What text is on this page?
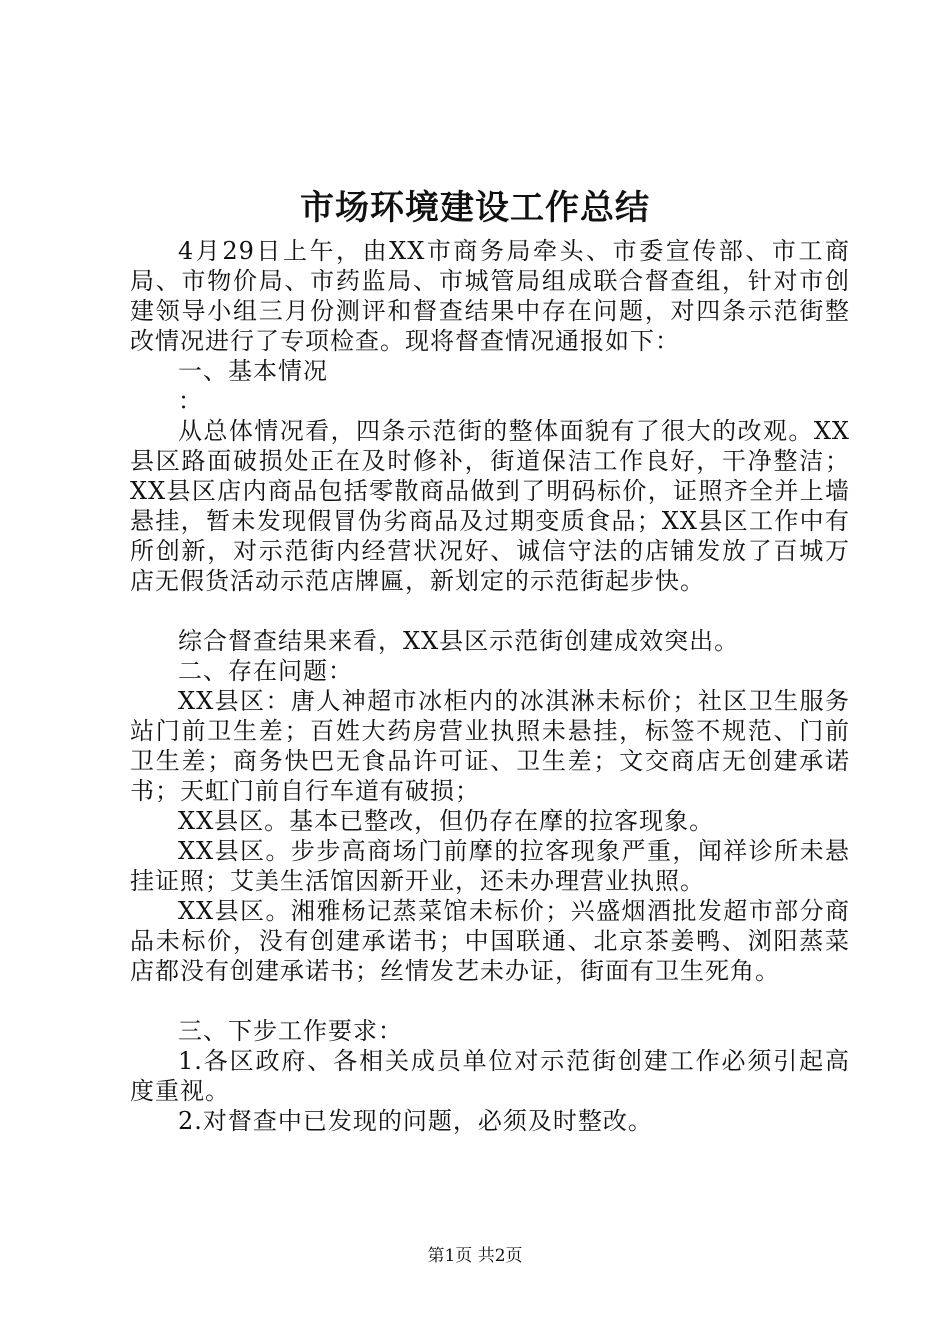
市场环境建设工作总结

4月29日上午，由XX市商务局牵头、市委宣传部、市工商局、市物价局、市药监局、市城管局组成联合督查组，针对市创建领导小组三月份测评和督查结果中存在问题，对四条示范街整改情况进行了专项检查。现将督查情况通报如下：

一、基本情况

：

从总体情况看，四条示范街的整体面貌有了很大的改观。XX县区路面破损处正在及时修补，街道保洁工作良好，干净整洁；XX县区店内商品包括零散商品做到了明码标价，证照齐全并上墙悬挂，暂未发现假冒伪劣商品及过期变质食品；XX县区工作中有所创新，对示范街内经营状况好、诚信守法的店铺发放了百城万店无假货活动示范店牌匾，新划定的示范街起步快。

综合督查结果来看，XX县区示范街创建成效突出。

二、存在问题：

XX县区：唐人神超市冰柜内的冰淇淋未标价；社区卫生服务站门前卫生差；百姓大药房营业执照未悬挂，标签不规范、门前卫生差；商务快巴无食品许可证、卫生差；文交商店无创建承诺书；天虹门前自行车道有破损；

XX县区。基本已整改，但仍存在摩的拉客现象。

XX县区。步步高商场门前摩的拉客现象严重，闻祥诊所未悬挂证照；艾美生活馆因新开业，还未办理营业执照。

XX县区。湘雅杨记蒸菜馆未标价；兴盛烟酒批发超市部分商品未标价，没有创建承诺书；中国联通、北京茶姜鸭、浏阳蒸菜店都没有创建承诺书；丝情发艺未办证，街面有卫生死角。

三、下步工作要求：

1.各区政府、各相关成员单位对示范街创建工作必须引起高度重视。

2.对督查中已发现的问题，必须及时整改。

第1页 共2页
